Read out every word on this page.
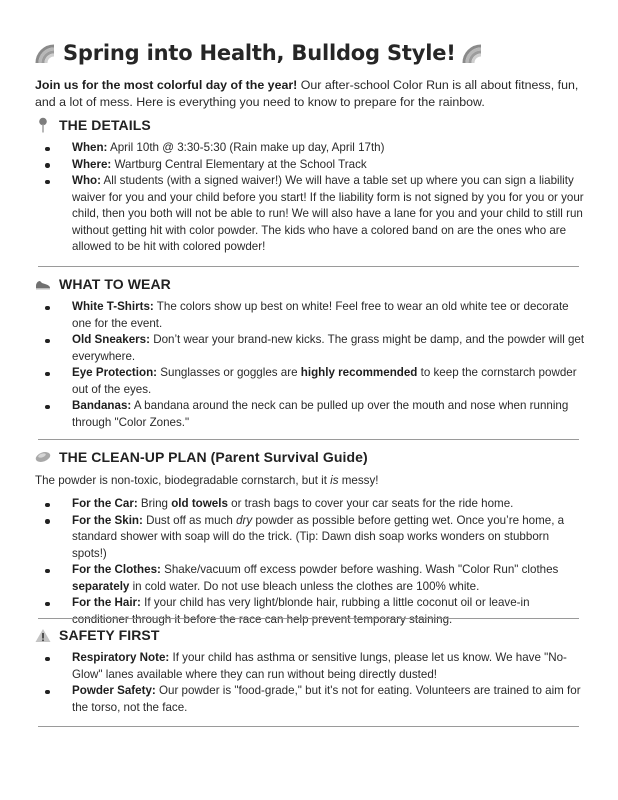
Spring into Health, Bulldog Style!

Join us for the most colorful day of the year! Our after-school Color Run is all about fitness, fun, and a lot of mess. Here is everything you need to know to prepare for the rainbow.

THE DETAILS
When: April 10th @ 3:30-5:30 (Rain make up day, April 17th)
Where: Wartburg Central Elementary at the School Track
Who: All students (with a signed waiver!) We will have a table set up where you can sign a liability waiver for you and your child before you start! If the liability form is not signed by you for you or your child, then you both will not be able to run! We will also have a lane for you and your child to still run without getting hit with color powder. The kids who have a colored band on are the ones who are allowed to be hit with colored powder!
WHAT TO WEAR
White T-Shirts: The colors show up best on white! Feel free to wear an old white tee or decorate one for the event.
Old Sneakers: Don’t wear your brand-new kicks. The grass might be damp, and the powder will get everywhere.
Eye Protection: Sunglasses or goggles are highly recommended to keep the cornstarch powder out of the eyes.
Bandanas: A bandana around the neck can be pulled up over the mouth and nose when running through "Color Zones."
THE CLEAN-UP PLAN (Parent Survival Guide)

The powder is non-toxic, biodegradable cornstarch, but it is messy!

For the Car: Bring old towels or trash bags to cover your car seats for the ride home.
For the Skin: Dust off as much dry powder as possible before getting wet. Once you’re home, a standard shower with soap will do the trick. (Tip: Dawn dish soap works wonders on stubborn spots!)
For the Clothes: Shake/vacuum off excess powder before washing. Wash "Color Run" clothes separately in cold water. Do not use bleach unless the clothes are 100% white.
For the Hair: If your child has very light/blonde hair, rubbing a little coconut oil or leave-in conditioner through it before the race can help prevent temporary staining.
SAFETY FIRST
Respiratory Note: If your child has asthma or sensitive lungs, please let us know. We have "No-Glow" lanes available where they can run without being directly dusted!
Powder Safety: Our powder is "food-grade," but it's not for eating. Volunteers are trained to aim for the torso, not the face.
